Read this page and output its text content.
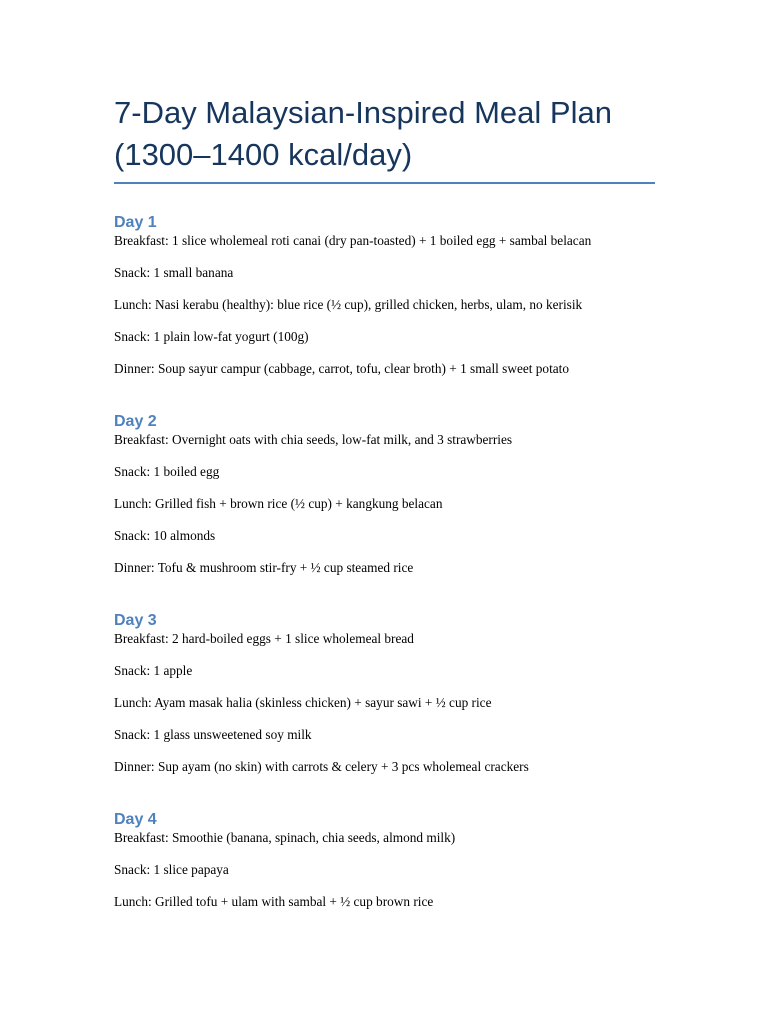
7-Day Malaysian-Inspired Meal Plan
(1300–1400 kcal/day)
Day 1
Breakfast: 1 slice wholemeal roti canai (dry pan-toasted) + 1 boiled egg + sambal belacan
Snack: 1 small banana
Lunch: Nasi kerabu (healthy): blue rice (½ cup), grilled chicken, herbs, ulam, no kerisik
Snack: 1 plain low-fat yogurt (100g)
Dinner: Soup sayur campur (cabbage, carrot, tofu, clear broth) + 1 small sweet potato
Day 2
Breakfast: Overnight oats with chia seeds, low-fat milk, and 3 strawberries
Snack: 1 boiled egg
Lunch: Grilled fish + brown rice (½ cup) + kangkung belacan
Snack: 10 almonds
Dinner: Tofu & mushroom stir-fry + ½ cup steamed rice
Day 3
Breakfast: 2 hard-boiled eggs + 1 slice wholemeal bread
Snack: 1 apple
Lunch: Ayam masak halia (skinless chicken) + sayur sawi + ½ cup rice
Snack: 1 glass unsweetened soy milk
Dinner: Sup ayam (no skin) with carrots & celery + 3 pcs wholemeal crackers
Day 4
Breakfast: Smoothie (banana, spinach, chia seeds, almond milk)
Snack: 1 slice papaya
Lunch: Grilled tofu + ulam with sambal + ½ cup brown rice
